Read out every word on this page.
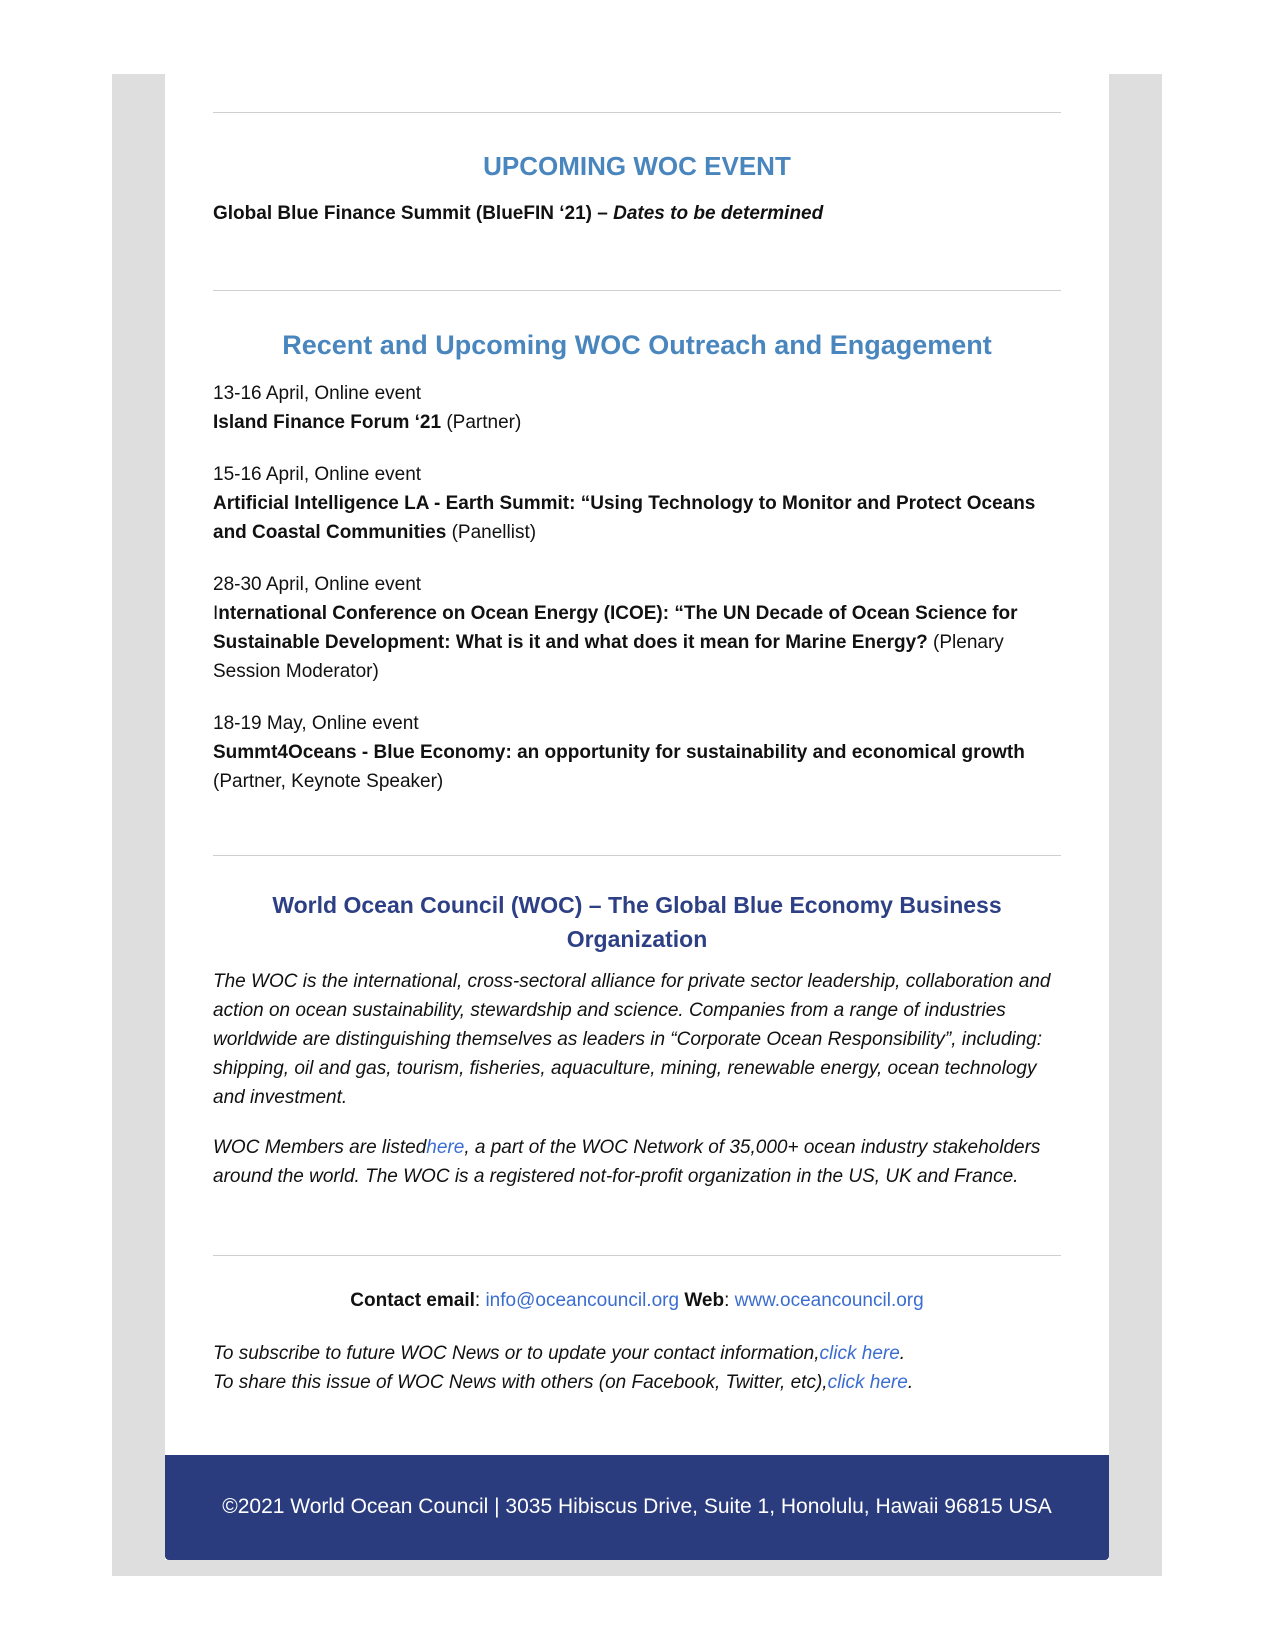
UPCOMING WOC EVENT

Global Blue Finance Summit (BlueFIN ‘21) – Dates to be determined

Recent and Upcoming WOC Outreach and Engagement
13-16 April, Online event
Island Finance Forum ‘21 (Partner)
15-16 April, Online event
Artificial Intelligence LA - Earth Summit: “Using Technology to Monitor and Protect Oceans and Coastal Communities (Panellist)
28-30 April, Online event
International Conference on Ocean Energy (ICOE): “The UN Decade of Ocean Science for Sustainable Development: What is it and what does it mean for Marine Energy? (Plenary Session Moderator)
18-19 May, Online event
Summt4Oceans - Blue Economy: an opportunity for sustainability and economical growth (Partner, Keynote Speaker)
World Ocean Council (WOC) – The Global Blue Economy Business Organization

The WOC is the international, cross-sectoral alliance for private sector leadership, collaboration and action on ocean sustainability, stewardship and science. Companies from a range of industries worldwide are distinguishing themselves as leaders in “Corporate Ocean Responsibility”, including: shipping, oil and gas, tourism, fisheries, aquaculture, mining, renewable energy, ocean technology and investment.

WOC Members are listedhere, a part of the WOC Network of 35,000+ ocean industry stakeholders around the world. The WOC is a registered not-for-profit organization in the US, UK and France.

Contact email: info@oceancouncil.org Web: www.oceancouncil.org

To subscribe to future WOC News or to update your contact information,click here.

To share this issue of WOC News with others (on Facebook, Twitter, etc),click here.

©2021 World Ocean Council | 3035 Hibiscus Drive, Suite 1, Honolulu, Hawaii 96815 USA
